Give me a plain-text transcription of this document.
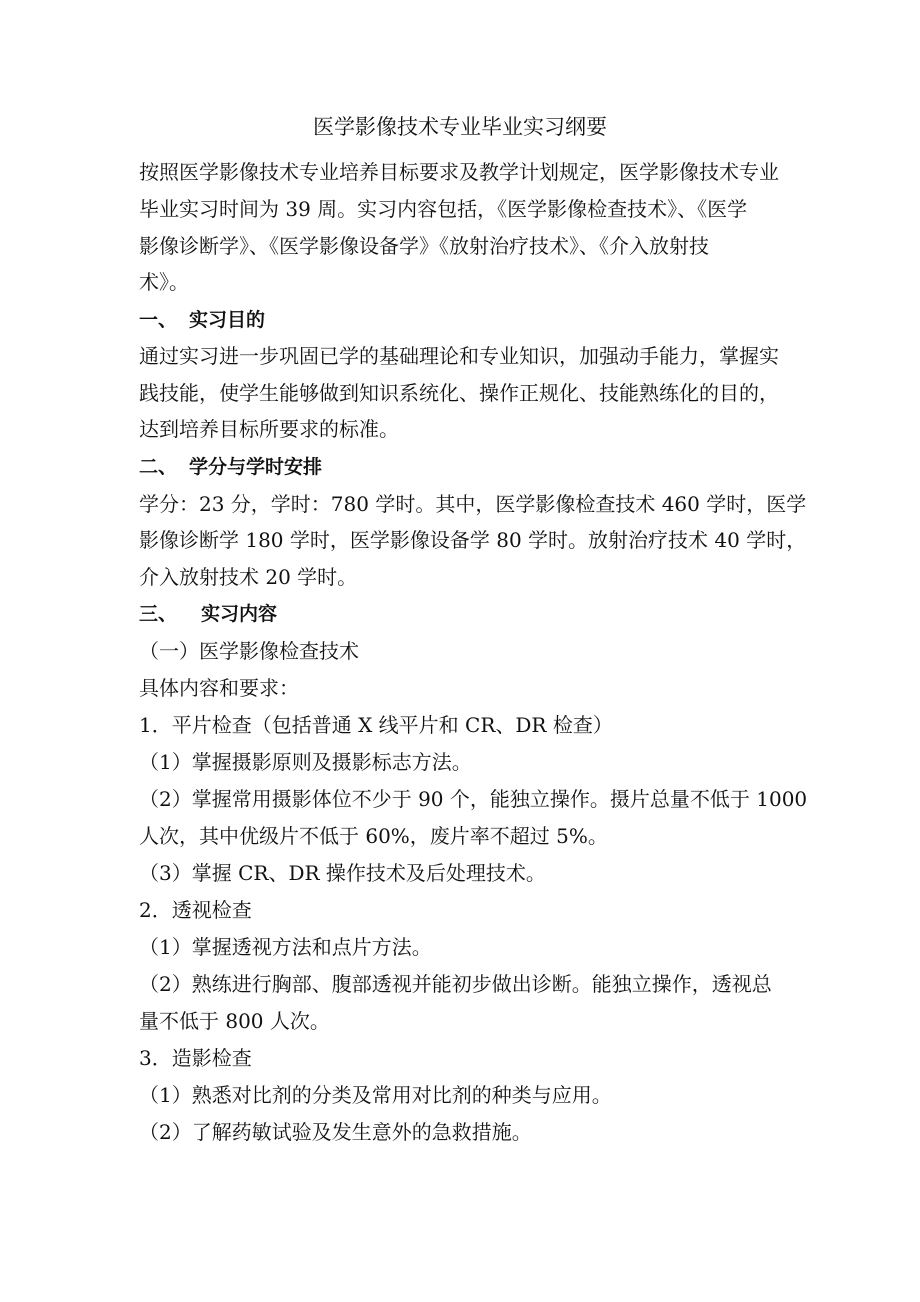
医学影像技术专业毕业实习纲要
按照医学影像技术专业培养目标要求及教学计划规定，医学影像技术专业
毕业实习时间为 39 周。实习内容包括，《医学影像检查技术》、《医学
影像诊断学》、《医学影像设备学》《放射治疗技术》、《介入放射技
术》。
一、 实习目的
通过实习进一步巩固已学的基础理论和专业知识，加强动手能力，掌握实
践技能，使学生能够做到知识系统化、操作正规化、技能熟练化的目的，
达到培养目标所要求的标准。
二、 学分与学时安排
学分：23 分，学时：780 学时。其中，医学影像检查技术 460 学时，医学
影像诊断学 180 学时，医学影像设备学 80 学时。放射治疗技术 40 学时，
介入放射技术 20 学时。
三、 实习内容
（一）医学影像检查技术
具体内容和要求：
1．平片检查（包括普通 X 线平片和 CR、DR 检查）
（1）掌握摄影原则及摄影标志方法。
（2）掌握常用摄影体位不少于 90 个，能独立操作。摄片总量不低于 1000
人次，其中优级片不低于 60%，废片率不超过 5%。
（3）掌握 CR、DR 操作技术及后处理技术。
2．透视检查
（1）掌握透视方法和点片方法。
（2）熟练进行胸部、腹部透视并能初步做出诊断。能独立操作，透视总
量不低于 800 人次。
3．造影检查
（1）熟悉对比剂的分类及常用对比剂的种类与应用。
（2）了解药敏试验及发生意外的急救措施。
